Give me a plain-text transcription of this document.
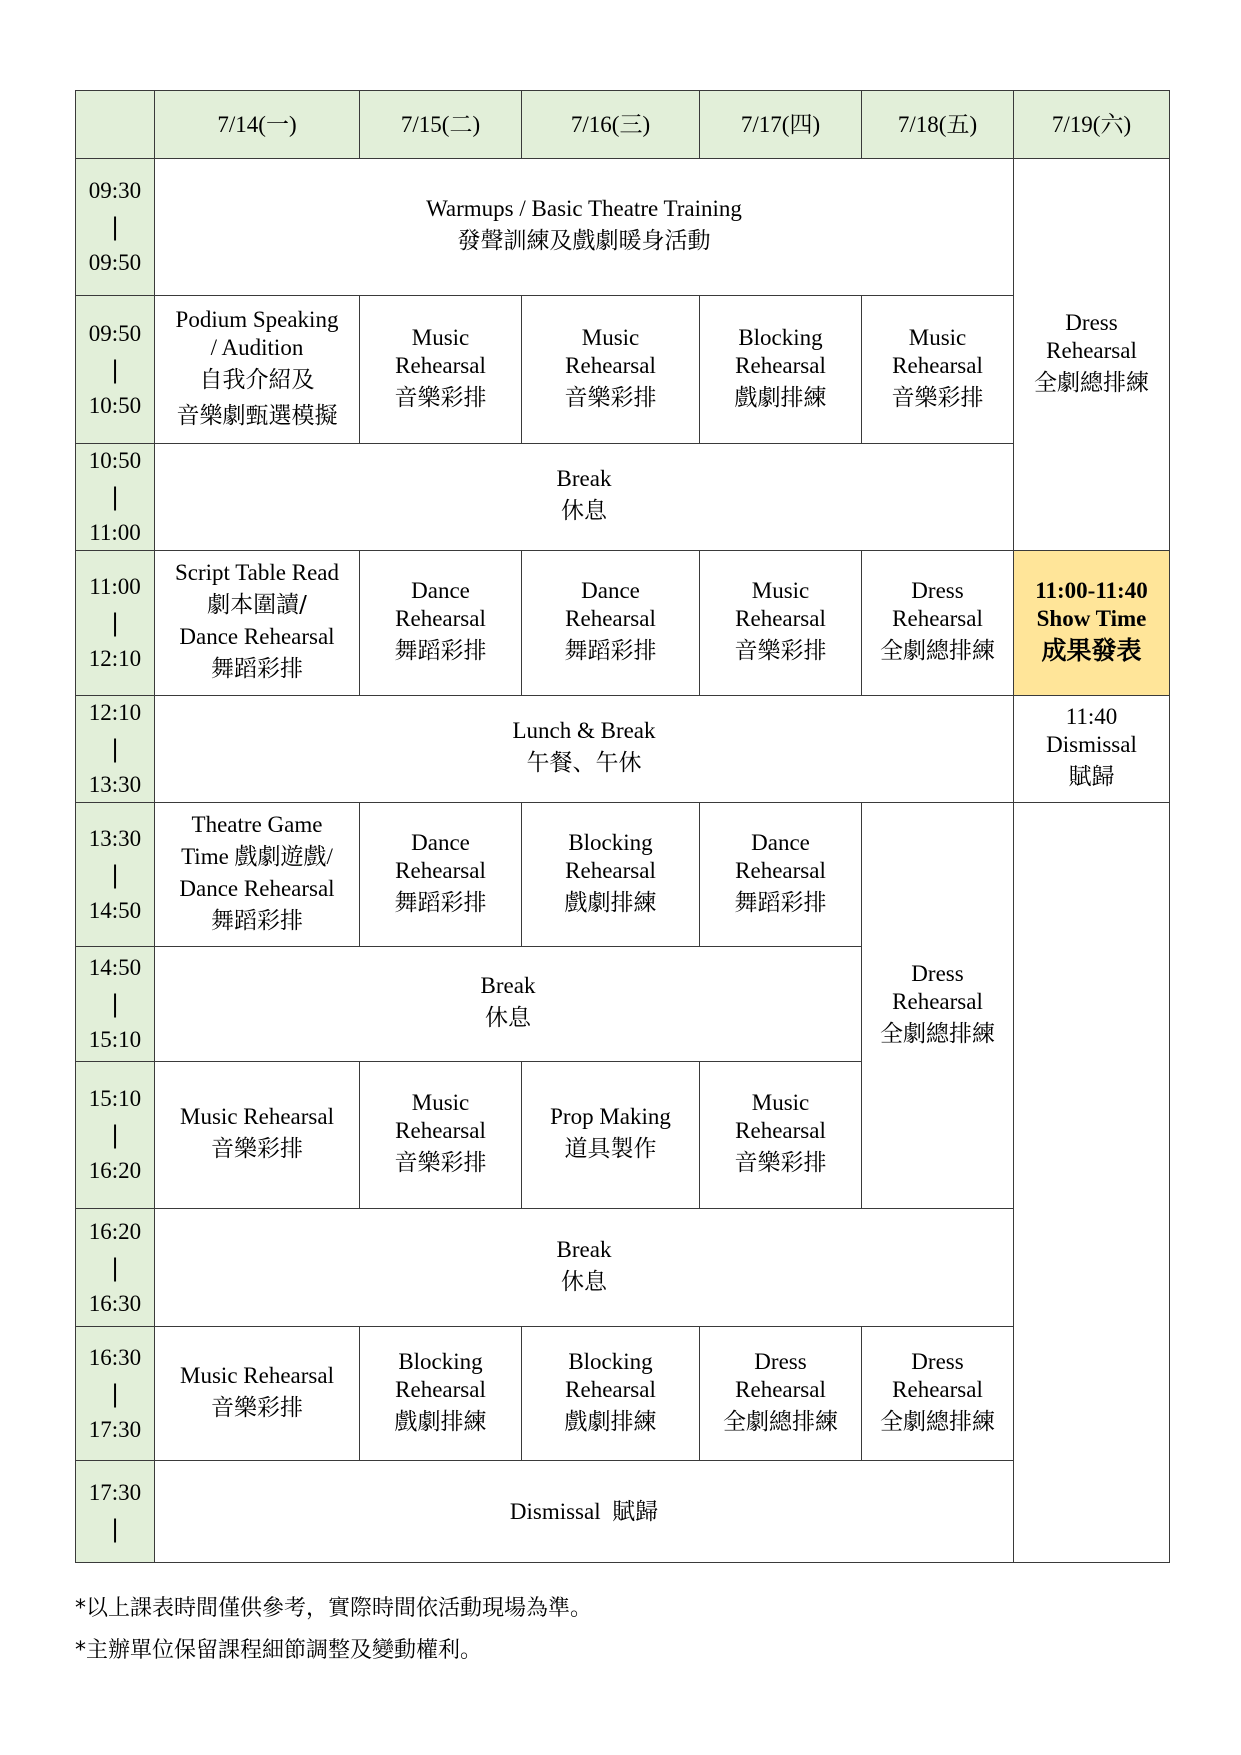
	7/14(一)	7/15(二)	7/16(三)	7/17(四)	7/18(五)	7/19(六)

09:30
|
09:50	Warmups / Basic Theatre Training
發聲訓練及戲劇暖身活動					Dress
Rehearsal
全劇總排練

09:50
|
10:50	Podium Speaking
/ Audition
自我介紹及
音樂劇甄選模擬	Music
Rehearsal
音樂彩排	Music
Rehearsal
音樂彩排	Blocking
Rehearsal
戲劇排練	Music
Rehearsal
音樂彩排	

10:50
|
11:00	Break
休息					

11:00
|
12:10	Script Table Read
劇本圍讀/
Dance Rehearsal
舞蹈彩排	Dance
Rehearsal
舞蹈彩排	Dance
Rehearsal
舞蹈彩排	Music
Rehearsal
音樂彩排	Dress
Rehearsal
全劇總排練	11:00-11:40
Show Time
成果發表

12:10
|
13:30	Lunch & Break
午餐、午休					11:40
Dismissal
賦歸

13:30
|
14:50	Theatre Game
Time 戲劇遊戲/
Dance Rehearsal
舞蹈彩排	Dance
Rehearsal
舞蹈彩排	Blocking
Rehearsal
戲劇排練	Dance
Rehearsal
舞蹈彩排	Dress
Rehearsal
全劇總排練	

14:50
|
15:10	Break
休息					

15:10
|
16:20	Music Rehearsal
音樂彩排	Music
Rehearsal
音樂彩排	Prop Making
道具製作	Music
Rehearsal
音樂彩排		

16:20
|
16:30	Break
休息					

16:30
|
17:30	Music Rehearsal
音樂彩排	Blocking
Rehearsal
戲劇排練	Blocking
Rehearsal
戲劇排練	Dress
Rehearsal
全劇總排練	Dress
Rehearsal
全劇總排練	

17:30
|	Dismissal  賦歸					
*以上課表時間僅供參考，實際時間依活動現場為準。
*主辦單位保留課程細節調整及變動權利。
